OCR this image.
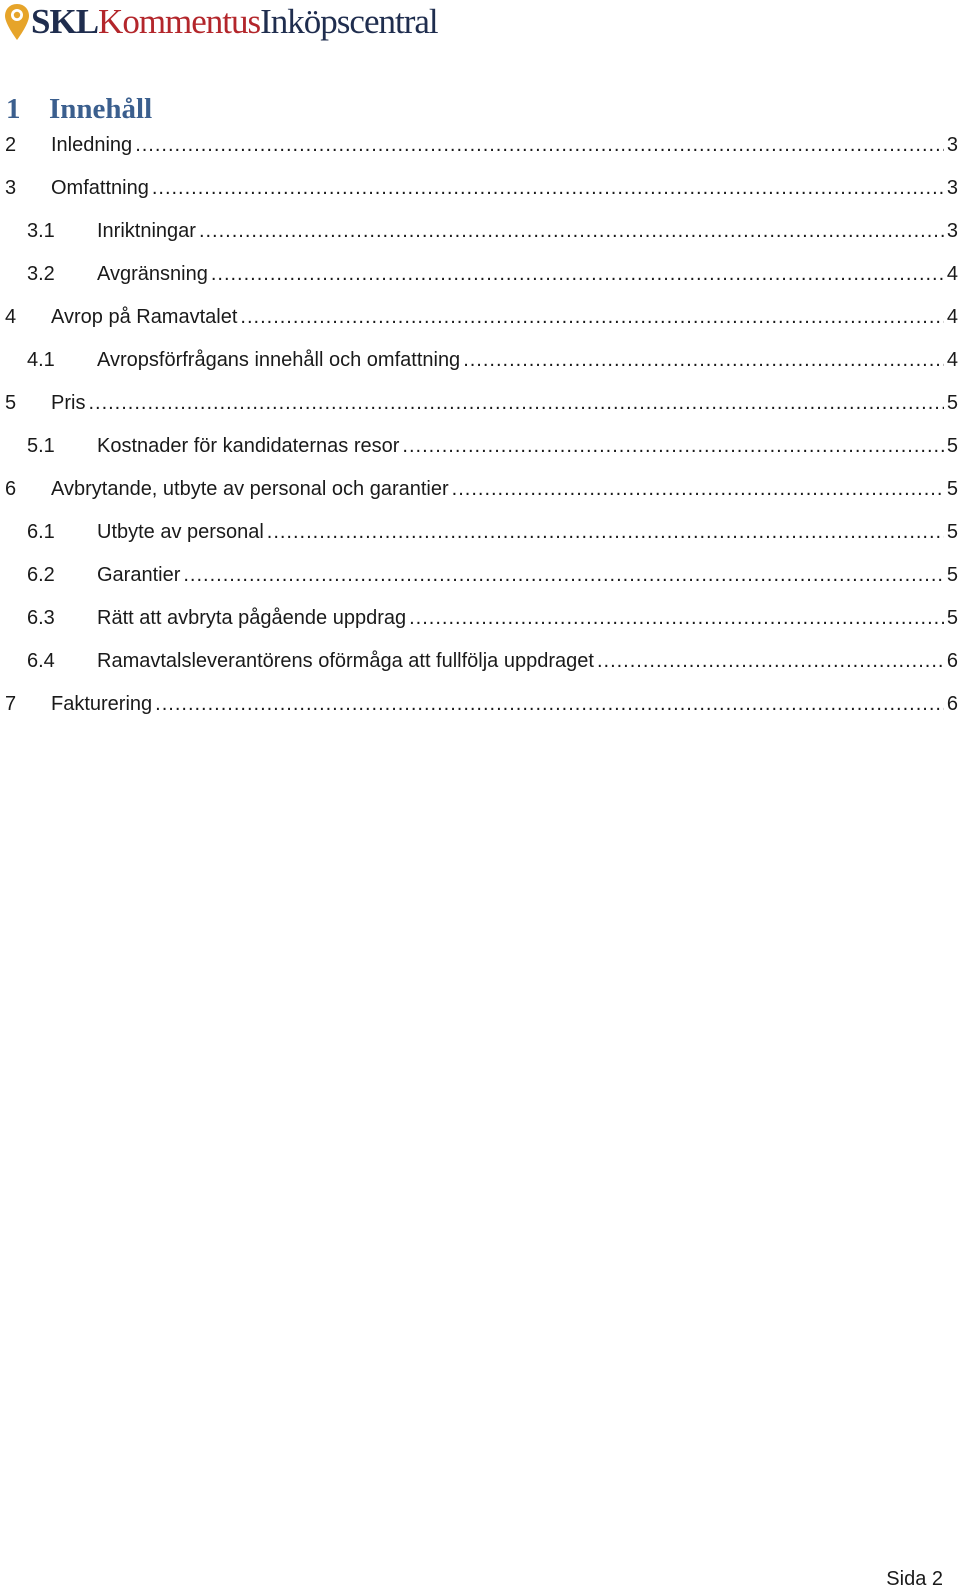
SKLKommentusInköpscentral
1 Innehåll
2 Inledning .....	3
3 Omfattning .....	3
3.1 Inriktningar .....	3
3.2 Avgränsning .....	4
4 Avrop på Ramavtalet .....	4
4.1 Avropsförfrågans innehåll och omfattning .....	4
5 Pris .....	5
5.1 Kostnader för kandidaternas resor .....	5
6 Avbrytande, utbyte av personal och garantier .....	5
6.1 Utbyte av personal .....	5
6.2 Garantier .....	5
6.3 Rätt att avbryta pågående uppdrag .....	5
6.4 Ramavtalsleverantörens oförmåga att fullfölja uppdraget .....	6
7 Fakturering .....	6
Sida 2
